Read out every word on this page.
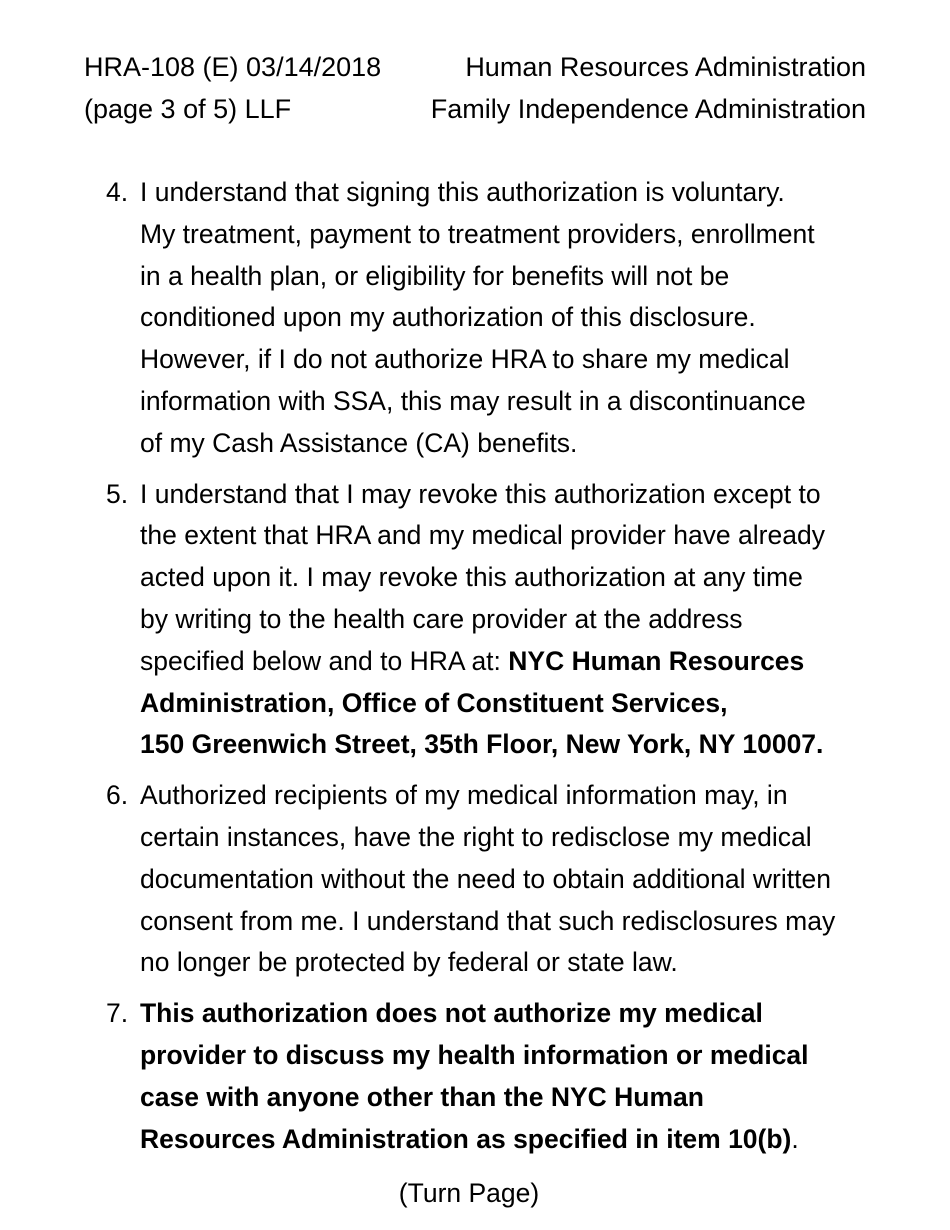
HRA-108 (E) 03/14/2018	Human Resources Administration
(page 3 of 5) LLF	Family Independence Administration
4. I understand that signing this authorization is voluntary.
My treatment, payment to treatment providers, enrollment
in a health plan, or eligibility for benefits will not be
conditioned upon my authorization of this disclosure.
However, if I do not authorize HRA to share my medical
information with SSA, this may result in a discontinuance
of my Cash Assistance (CA) benefits.
5. I understand that I may revoke this authorization except to
the extent that HRA and my medical provider have already
acted upon it. I may revoke this authorization at any time
by writing to the health care provider at the address
specified below and to HRA at: NYC Human Resources
Administration, Office of Constituent Services,
150 Greenwich Street, 35th Floor, New York, NY 10007.
6. Authorized recipients of my medical information may, in
certain instances, have the right to redisclose my medical
documentation without the need to obtain additional written
consent from me. I understand that such redisclosures may
no longer be protected by federal or state law.
7. This authorization does not authorize my medical
provider to discuss my health information or medical
case with anyone other than the NYC Human
Resources Administration as specified in item 10(b).
(Turn Page)
